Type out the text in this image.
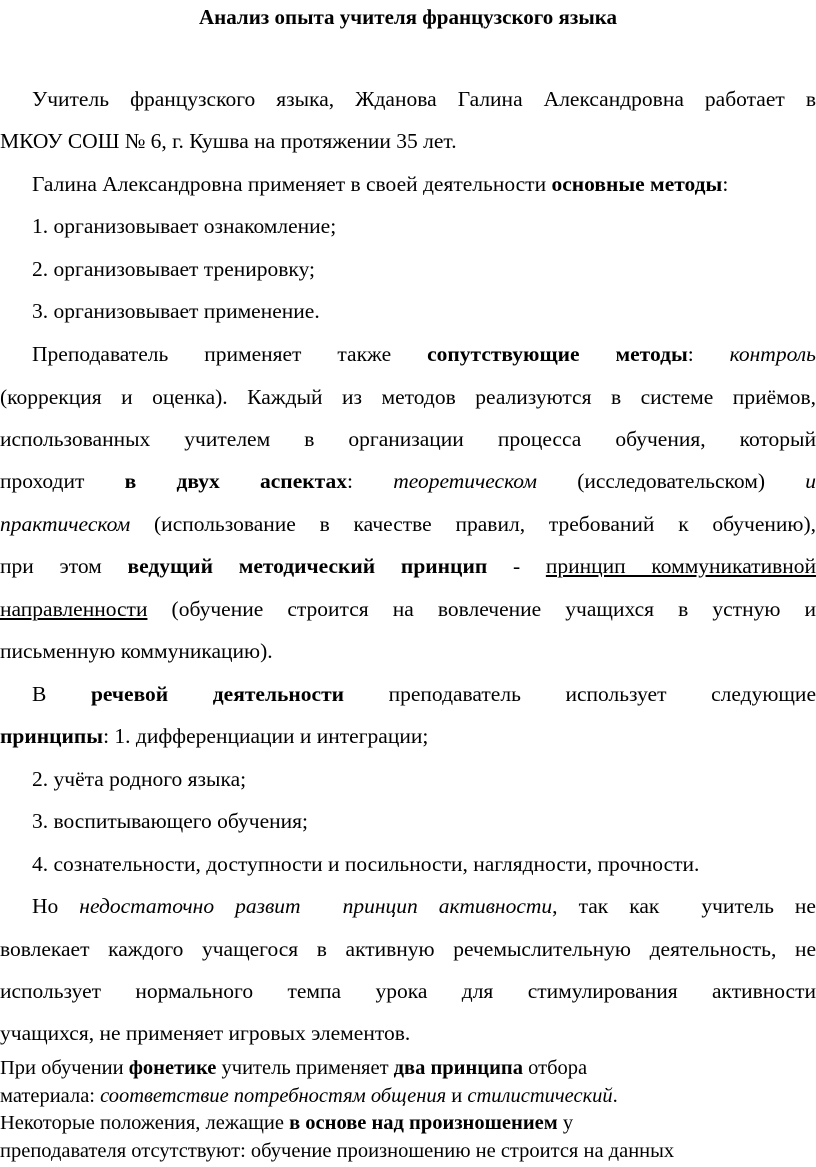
Анализ опыта учителя французского языка

Учитель французского языка, Жданова Галина Александровна работает в

МКОУ СОШ № 6, г. Кушва на протяжении 35 лет.

Галина Александровна применяет в своей деятельности основные методы:

1. организовывает ознакомление;

2. организовывает тренировку;

3. организовывает применение.

Преподаватель применяет также сопутствующие методы: контроль

(коррекция и оценка). Каждый из методов реализуются в системе приёмов,

использованных учителем в организации процесса обучения, который

проходит в двух аспектах: теоретическом (исследовательском) и

практическом (использование в качестве правил, требований к обучению),

при этом ведущий методический принцип - принцип коммуникативной

направленности (обучение строится на вовлечение учащихся в устную и

письменную коммуникацию).

В речевой деятельности преподаватель использует следующие

принципы: 1. дифференциации и интеграции;

2. учёта родного языка;

3. воспитывающего обучения;

4. сознательности, доступности и посильности, наглядности, прочности.

Но недостаточно развит  принцип активности, так как  учитель не

вовлекает каждого учащегося в активную речемыслительную деятельность, не

использует нормального темпа урока для стимулирования активности

учащихся, не применяет игровых элементов.

При обучении фонетике учитель применяет два принципа отбора

материала: соответствие потребностям общения и стилистический.

Некоторые положения, лежащие в основе над произношением у

преподавателя отсутствуют: обучение произношению не строится на данных
